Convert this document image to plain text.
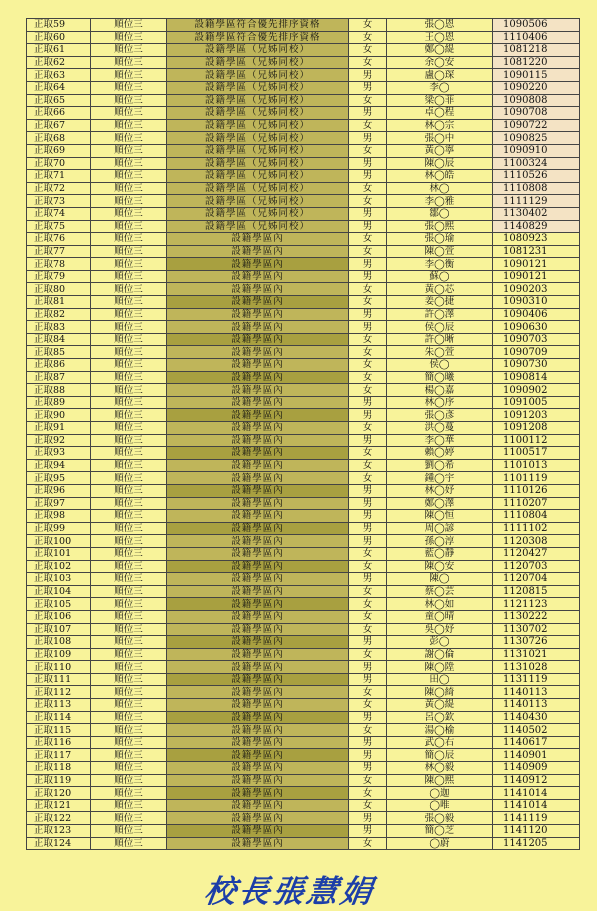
正取59	順位三	設籍學區符合優先排序資格	女	張◯恩	1090506
正取60	順位三	設籍學區符合優先排序資格	女	王◯恩	1110406
正取61	順位三	設籍學區（兄姊同校）	女	鄭◯緹	1081218
正取62	順位三	設籍學區（兄姊同校）	女	余◯安	1081220
正取63	順位三	設籍學區（兄姊同校）	男	盧◯琛	1090115
正取64	順位三	設籍學區（兄姊同校）	男	李◯	1090220
正取65	順位三	設籍學區（兄姊同校）	女	梁◯菲	1090808
正取66	順位三	設籍學區（兄姊同校）	男	卓◯程	1090708
正取67	順位三	設籍學區（兄姊同校）	女	林◯宗	1090722
正取68	順位三	設籍學區（兄姊同校）	男	張◯中	1090825
正取69	順位三	設籍學區（兄姊同校）	女	黃◯寧	1090910
正取70	順位三	設籍學區（兄姊同校）	男	陳◯辰	1100324
正取71	順位三	設籍學區（兄姊同校）	男	林◯皓	1110526
正取72	順位三	設籍學區（兄姊同校）	女	林◯	1110808
正取73	順位三	設籍學區（兄姊同校）	女	李◯雅	1111129
正取74	順位三	設籍學區（兄姊同校）	男	鄒◯	1130402
正取75	順位三	設籍學區（兄姊同校）	男	張◯熙	1140829
正取76	順位三	設籍學區內	女	張◯瑜	1080923
正取77	順位三	設籍學區內	女	陳◯萱	1081231
正取78	順位三	設籍學區內	男	李◯衡	1090121
正取79	順位三	設籍學區內	男	蘇◯	1090121
正取80	順位三	設籍學區內	女	黃◯芯	1090203
正取81	順位三	設籍學區內	女	姜◯捷	1090310
正取82	順位三	設籍學區內	男	許◯澤	1090406
正取83	順位三	設籍學區內	男	侯◯辰	1090630
正取84	順位三	設籍學區內	女	許◯晰	1090703
正取85	順位三	設籍學區內	女	朱◯萱	1090709
正取86	順位三	設籍學區內	女	侯◯	1090730
正取87	順位三	設籍學區內	女	簡◯曦	1090814
正取88	順位三	設籍學區內	女	楊◯嘉	1090902
正取89	順位三	設籍學區內	男	林◯序	1091005
正取90	順位三	設籍學區內	男	張◯彥	1091203
正取91	順位三	設籍學區內	女	洪◯蔓	1091208
正取92	順位三	設籍學區內	男	李◯華	1100112
正取93	順位三	設籍學區內	女	賴◯婷	1100517
正取94	順位三	設籍學區內	女	劉◯希	1101013
正取95	順位三	設籍學區內	女	鍾◯宇	1101119
正取96	順位三	設籍學區內	男	林◯妤	1110126
正取97	順位三	設籍學區內	男	鄭◯澤	1110207
正取98	順位三	設籍學區內	男	陳◯恒	1110804
正取99	順位三	設籍學區內	男	周◯諺	1111102
正取100	順位三	設籍學區內	男	孫◯淳	1120308
正取101	順位三	設籍學區內	女	藍◯靜	1120427
正取102	順位三	設籍學區內	女	陳◯安	1120703
正取103	順位三	設籍學區內	男	陳◯	1120704
正取104	順位三	設籍學區內	女	蔡◯芸	1120815
正取105	順位三	設籍學區內	女	林◯如	1121123
正取106	順位三	設籍學區內	女	童◯晴	1130222
正取107	順位三	設籍學區內	女	吳◯妤	1130702
正取108	順位三	設籍學區內	男	彭◯	1130726
正取109	順位三	設籍學區內	女	謝◯倫	1131021
正取110	順位三	設籍學區內	男	陳◯陞	1131028
正取111	順位三	設籍學區內	男	田◯	1131119
正取112	順位三	設籍學區內	女	陳◯綺	1140113
正取113	順位三	設籍學區內	女	黃◯緹	1140113
正取114	順位三	設籍學區內	男	呂◯欽	1140430
正取115	順位三	設籍學區內	女	湯◯榆	1140502
正取116	順位三	設籍學區內	男	武◯右	1140617
正取117	順位三	設籍學區內	男	簡◯辰	1140901
正取118	順位三	設籍學區內	男	林◯毅	1140909
正取119	順位三	設籍學區內	女	陳◯熙	1140912
正取120	順位三	設籍學區內	女	◯迦	1141014
正取121	順位三	設籍學區內	女	◯唯	1141014
正取122	順位三	設籍學區內	男	張◯毅	1141119
正取123	順位三	設籍學區內	男	簡◯芝	1141120
正取124	順位三	設籍學區內	女	◯蔚	1141205
校長張慧娟
